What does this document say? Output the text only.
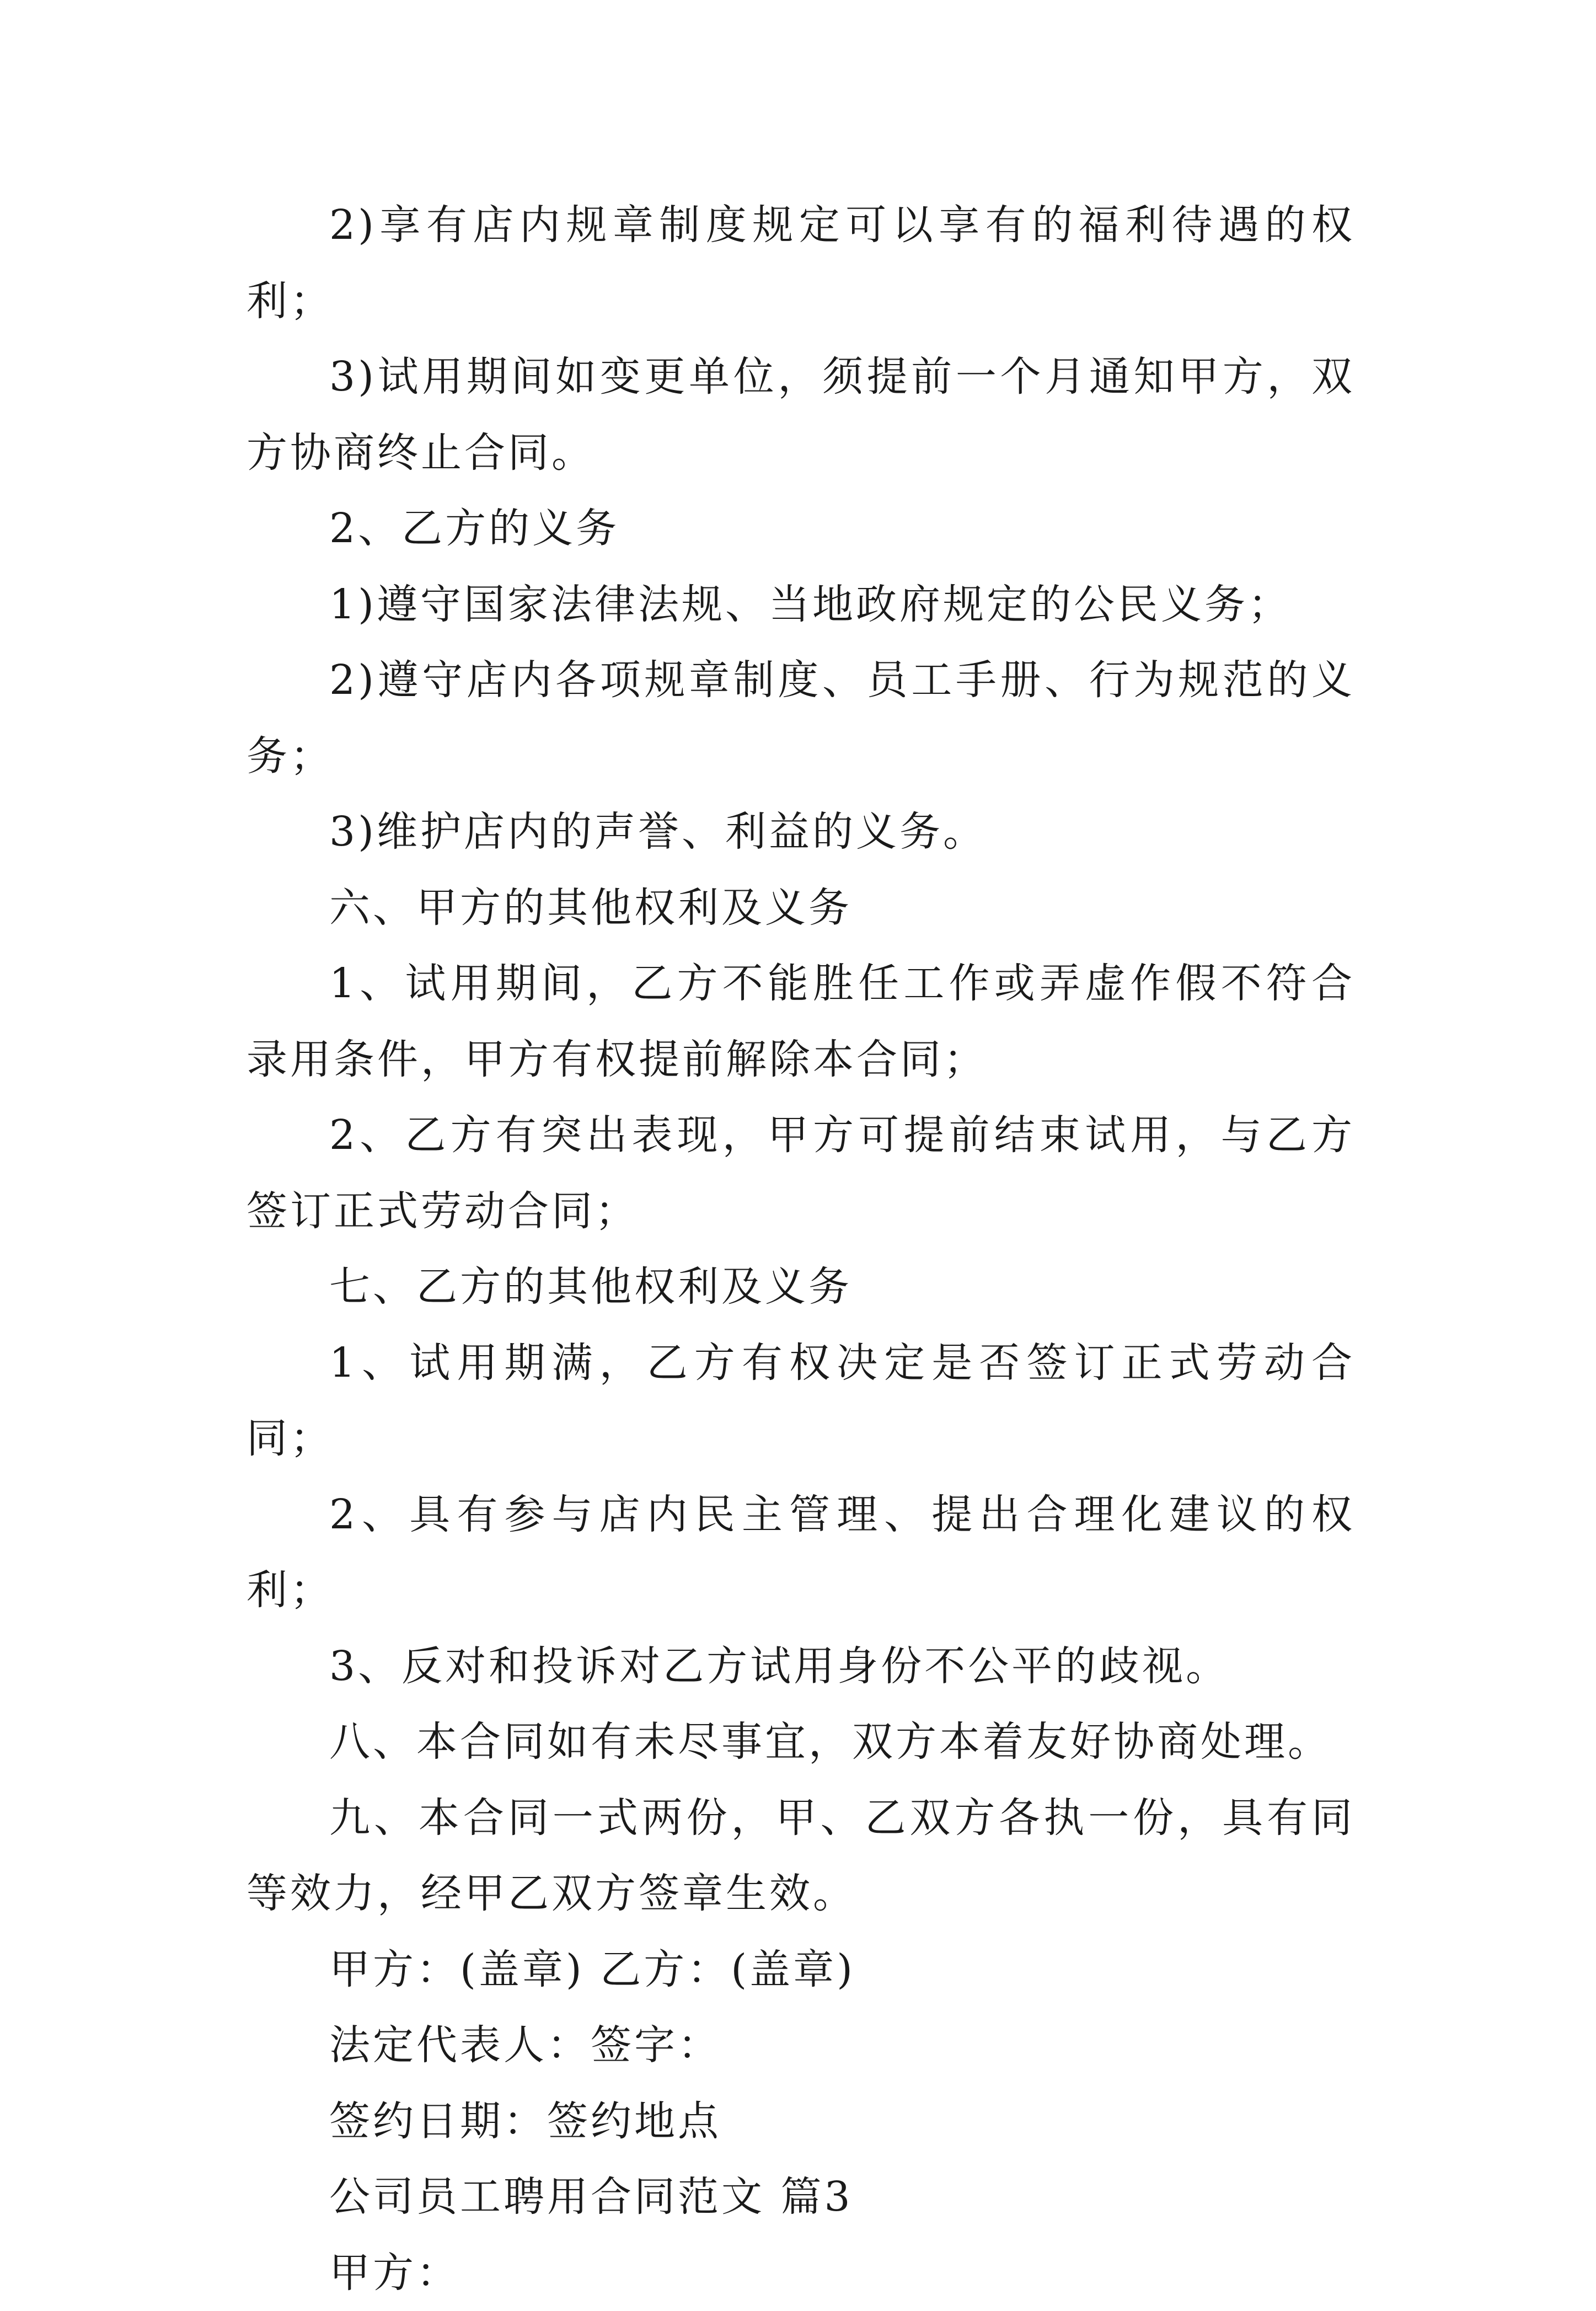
2)享有店内规章制度规定可以享有的福利待遇的权利；

3)试用期间如变更单位，须提前一个月通知甲方，双方协商终止合同。

2、乙方的义务

1)遵守国家法律法规、当地政府规定的公民义务；

2)遵守店内各项规章制度、员工手册、行为规范的义务；

3)维护店内的声誉、利益的义务。

六、甲方的其他权利及义务

1、试用期间，乙方不能胜任工作或弄虚作假不符合录用条件，甲方有权提前解除本合同；

2、乙方有突出表现，甲方可提前结束试用，与乙方签订正式劳动合同；

七、乙方的其他权利及义务

1、试用期满，乙方有权决定是否签订正式劳动合同；

2、具有参与店内民主管理、提出合理化建议的权利；

3、反对和投诉对乙方试用身份不公平的歧视。

八、本合同如有未尽事宜，双方本着友好协商处理。

九、本合同一式两份，甲、乙双方各执一份，具有同等效力，经甲乙双方签章生效。

甲方：(盖章) 乙方：(盖章)

法定代表人：签字：

签约日期：签约地点

公司员工聘用合同范文 篇3

甲方：
